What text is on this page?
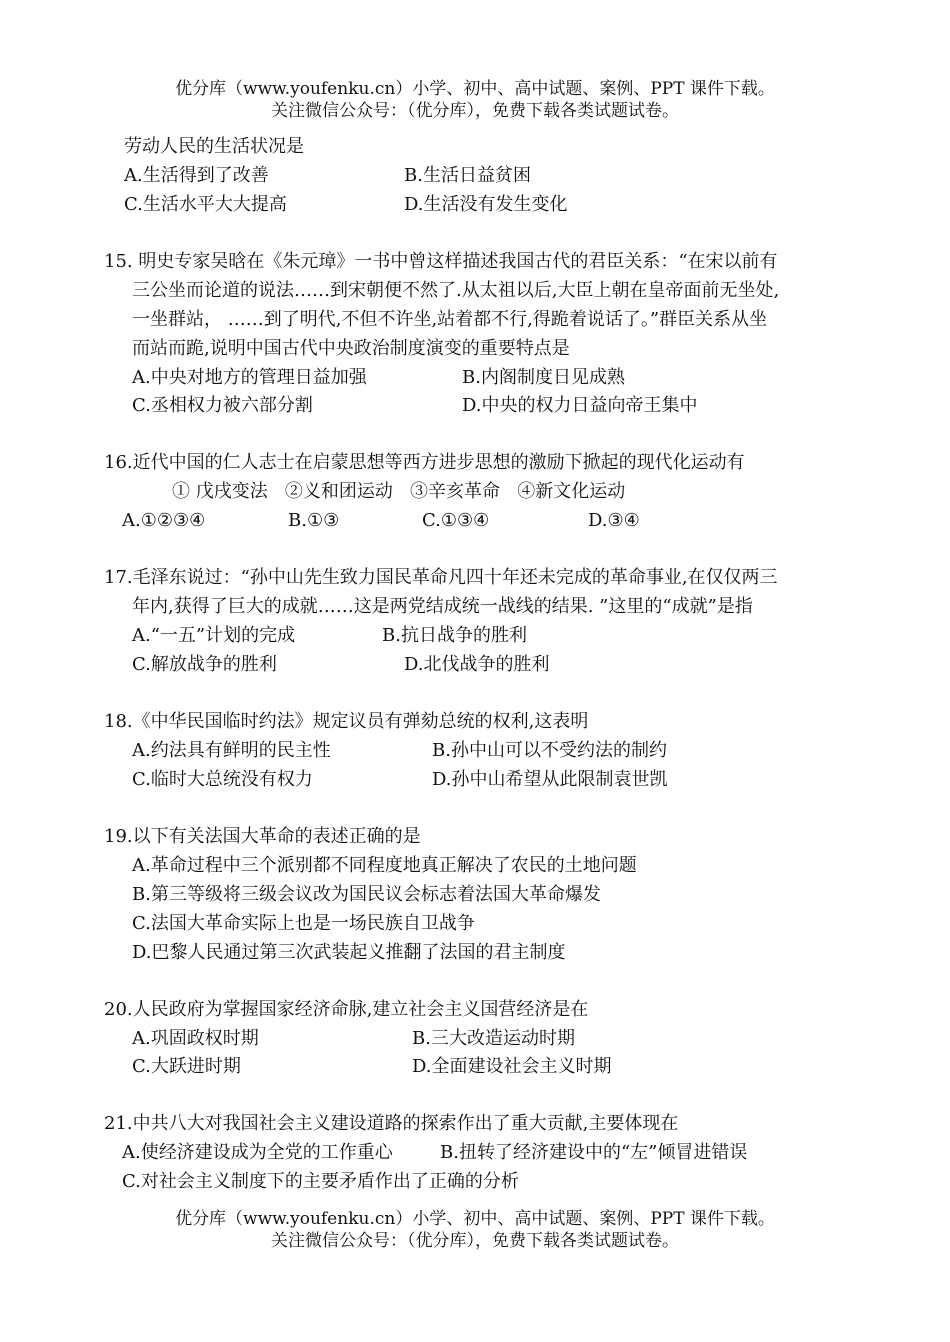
优分库（www.youfenku.cn）小学、初中、高中试题、案例、PPT 课件下载。
关注微信公众号：（优分库），免费下载各类试题试卷。
劳动人民的生活状况是
A.生活得到了改善	B.生活日益贫困
C.生活水平大大提高	D.生活没有发生变化
15. 明史专家吴晗在《朱元璋》一书中曾这样描述我国古代的君臣关系：“在宋以前有
三公坐而论道的说法……到宋朝便不然了.从太祖以后,大臣上朝在皇帝面前无坐处,
一坐群站， ……到了明代,不但不许坐,站着都不行,得跪着说话了。”群臣关系从坐
而站而跪,说明中国古代中央政治制度演变的重要特点是
A.中央对地方的管理日益加强	B.内阁制度日见成熟
C.丞相权力被六部分割	D.中央的权力日益向帝王集中
16.近代中国的仁人志士在启蒙思想等西方进步思想的激励下掀起的现代化运动有
① 戊戌变法   ②义和团运动   ③辛亥革命   ④新文化运动
A.①②③④	B.①③	C.①③④	D.③④
17.毛泽东说过：“孙中山先生致力国民革命凡四十年还未完成的革命事业,在仅仅两三
年内,获得了巨大的成就……这是两党结成统一战线的结果. ”这里的“成就”是指
A.“一五”计划的完成	B.抗日战争的胜利
C.解放战争的胜利	D.北伐战争的胜利
18.《中华民国临时约法》规定议员有弹劾总统的权利,这表明
A.约法具有鲜明的民主性	B.孙中山可以不受约法的制约
C.临时大总统没有权力	D.孙中山希望从此限制袁世凯
19.以下有关法国大革命的表述正确的是
A.革命过程中三个派别都不同程度地真正解决了农民的土地问题
B.第三等级将三级会议改为国民议会标志着法国大革命爆发
C.法国大革命实际上也是一场民族自卫战争
D.巴黎人民通过第三次武装起义推翻了法国的君主制度
20.人民政府为掌握国家经济命脉,建立社会主义国营经济是在
A.巩固政权时期	B.三大改造运动时期
C.大跃进时期	D.全面建设社会主义时期
21.中共八大对我国社会主义建设道路的探索作出了重大贡献,主要体现在
A.使经济建设成为全党的工作重心	B.扭转了经济建设中的“左”倾冒进错误
C.对社会主义制度下的主要矛盾作出了正确的分析
优分库（www.youfenku.cn）小学、初中、高中试题、案例、PPT 课件下载。
关注微信公众号：（优分库），免费下载各类试题试卷。
